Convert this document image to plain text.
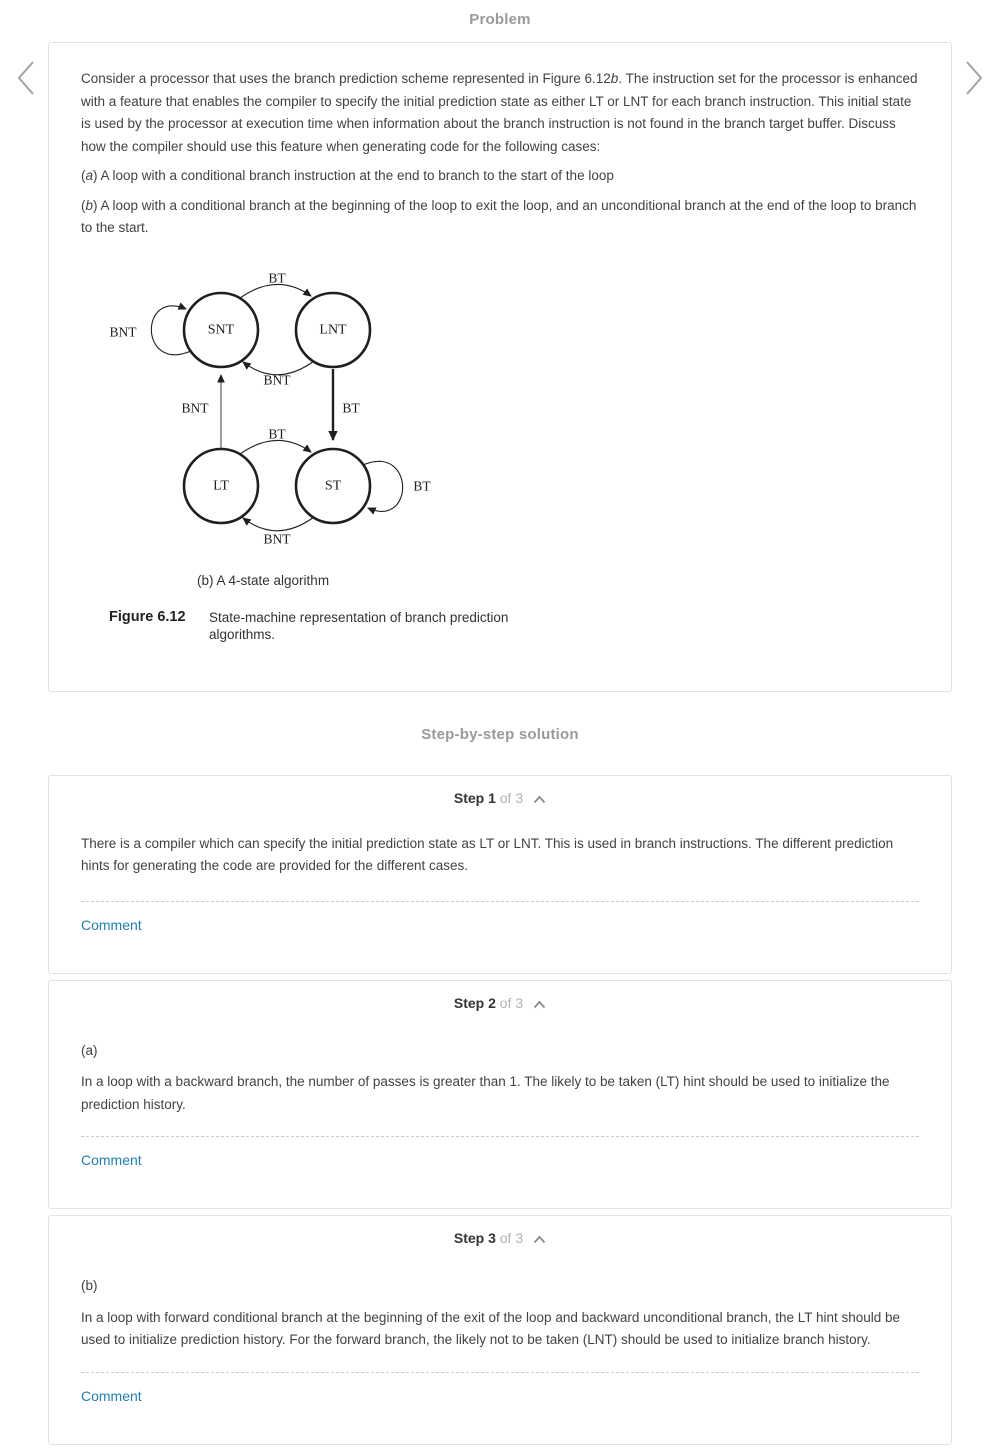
Problem

Consider a processor that uses the branch prediction scheme represented in Figure 6.12b. The instruction set for the processor is enhanced with a feature that enables the compiler to specify the initial prediction state as either LT or LNT for each branch instruction. This initial state is used by the processor at execution time when information about the branch instruction is not found in the branch target buffer. Discuss how the compiler should use this feature when generating code for the following cases:

(a) A loop with a conditional branch instruction at the end to branch to the start of the loop

(b) A loop with a conditional branch at the beginning of the loop to exit the loop, and an unconditional branch at the end of the loop to branch to the start.

SNT	LNT
LT	ST
BT
BNT
BNT
BNT	BT
BT
BT
BNT
(b) A 4-state algorithm
Figure 6.12	State-machine representation of branch prediction algorithms.
Step-by-step solution
Step 1 of 3

There is a compiler which can specify the initial prediction state as LT or LNT. This is used in branch instructions. The different prediction hints for generating the code are provided for the different cases.

Comment
Step 2 of 3

(a)

In a loop with a backward branch, the number of passes is greater than 1. The likely to be taken (LT) hint should be used to initialize the prediction history.

Comment
Step 3 of 3

(b)

In a loop with forward conditional branch at the beginning of the exit of the loop and backward unconditional branch, the LT hint should be used to initialize prediction history. For the forward branch, the likely not to be taken (LNT) should be used to initialize branch history.

Comment
